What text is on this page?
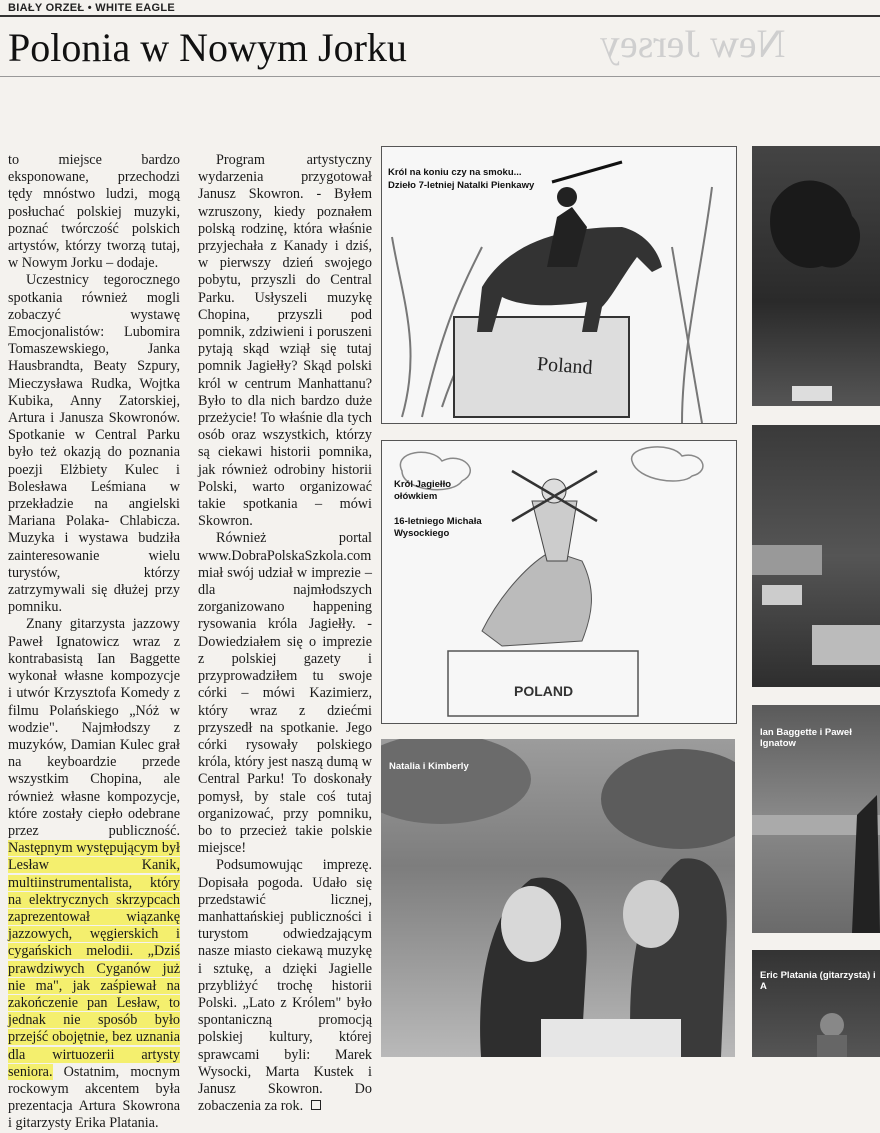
BIAŁY ORZEŁ • WHITE EAGLE
New Jersey
Polonia w Nowym Jorku

to miejsce bardzo eksponowane, przechodzi tędy mnóstwo ludzi, mogą posłuchać polskiej muzyki, poznać twórczość polskich artystów, którzy tworzą tutaj, w Nowym Jorku – dodaje.

Uczestnicy tegorocznego spotkania również mogli zobaczyć wystawę Emocjonalistów: Lubomira Tomaszewskiego, Janka Hausbrandta, Beaty Szpury, Mieczysława Rudka, Wojtka Kubika, Anny Zatorskiej, Artura i Janusza Skowronów. Spotkanie w Central Parku było też okazją do poznania poezji Elżbiety Kulec i Bolesława Leśmiana w przekładzie na angielski Mariana Polaka- Chlabicza. Muzyka i wystawa budziła zainteresowanie wielu turystów, którzy zatrzymywali się dłużej przy pomniku.

Znany gitarzysta jazzowy Paweł Ignatowicz wraz z kontrabasistą Ian Baggette wykonał własne kompozycje i utwór Krzysztofa Komedy z filmu Polańskiego „Nóż w wodzie". Najmłodszy z muzyków, Damian Kulec grał na keyboardzie przede wszystkim Chopina, ale również własne kompozycje, które zostały ciepło odebrane przez publiczność. Następnym występującym był Lesław Kanik, multiinstrumentalista, który na elektrycznych skrzypcach zaprezentował wiązankę jazzowych, węgierskich i cygańskich melodii. „Dziś prawdziwych Cyganów już nie ma", jak zaśpiewał na zakończenie pan Lesław, to jednak nie sposób było przejść obojętnie, bez uznania dla wirtuozerii artysty seniora. Ostatnim, mocnym rockowym akcentem była prezentacja Artura Skowrona i gitarzysty Erika Platania.

Program artystyczny wydarzenia przygotował Janusz Skowron. - Byłem wzruszony, kiedy poznałem polską rodzinę, która właśnie przyjechała z Kanady i dziś, w pierwszy dzień swojego pobytu, przyszli do Central Parku. Usłyszeli muzykę Chopina, przyszli pod pomnik, zdziwieni i poruszeni pytają skąd wziął się tutaj pomnik Jagiełły? Skąd polski król w centrum Manhattanu? Było to dla nich bardzo duże przeżycie! To właśnie dla tych osób oraz wszystkich, którzy są ciekawi historii pomnika, jak również odrobiny historii Polski, warto organizować takie spotkania – mówi Skowron.

Również portal www.DobraPolskaSzkola.com miał swój udział w imprezie – dla najmłodszych zorganizowano happening rysowania króla Jagiełły. - Dowiedziałem się o imprezie z polskiej gazety i przyprowadziłem tu swoje córki – mówi Kazimierz, który wraz z dziećmi przyszedł na spotkanie. Jego córki rysowały polskiego króla, który jest naszą dumą w Central Parku! To doskonały pomysł, by stale coś tutaj organizować, przy pomniku, bo to przecież takie polskie miejsce!

Podsumowując imprezę. Dopisała pogoda. Udało się przedstawić licznej, manhattańskiej publiczności i turystom odwiedzającym nasze miasto ciekawą muzykę i sztukę, a dzięki Jagielle przybliżyć trochę historii Polski. „Lato z Królem" było spontaniczną promocją polskiej kultury, której sprawcami byli: Marek Wysocki, Marta Kustek i Janusz Skowron. Do zobaczenia za rok.

Król na koniu czy na smoku...
Dzieło 7-letniej Natalki Pienkawy
Poland
Król Jagiełło
ołówkiem
16-letniego Michała
Wysockiego
POLAND
Natalia i Kimberly
Ian Baggette i Paweł Ignatow
Eric Platania (gitarzysta) i A
